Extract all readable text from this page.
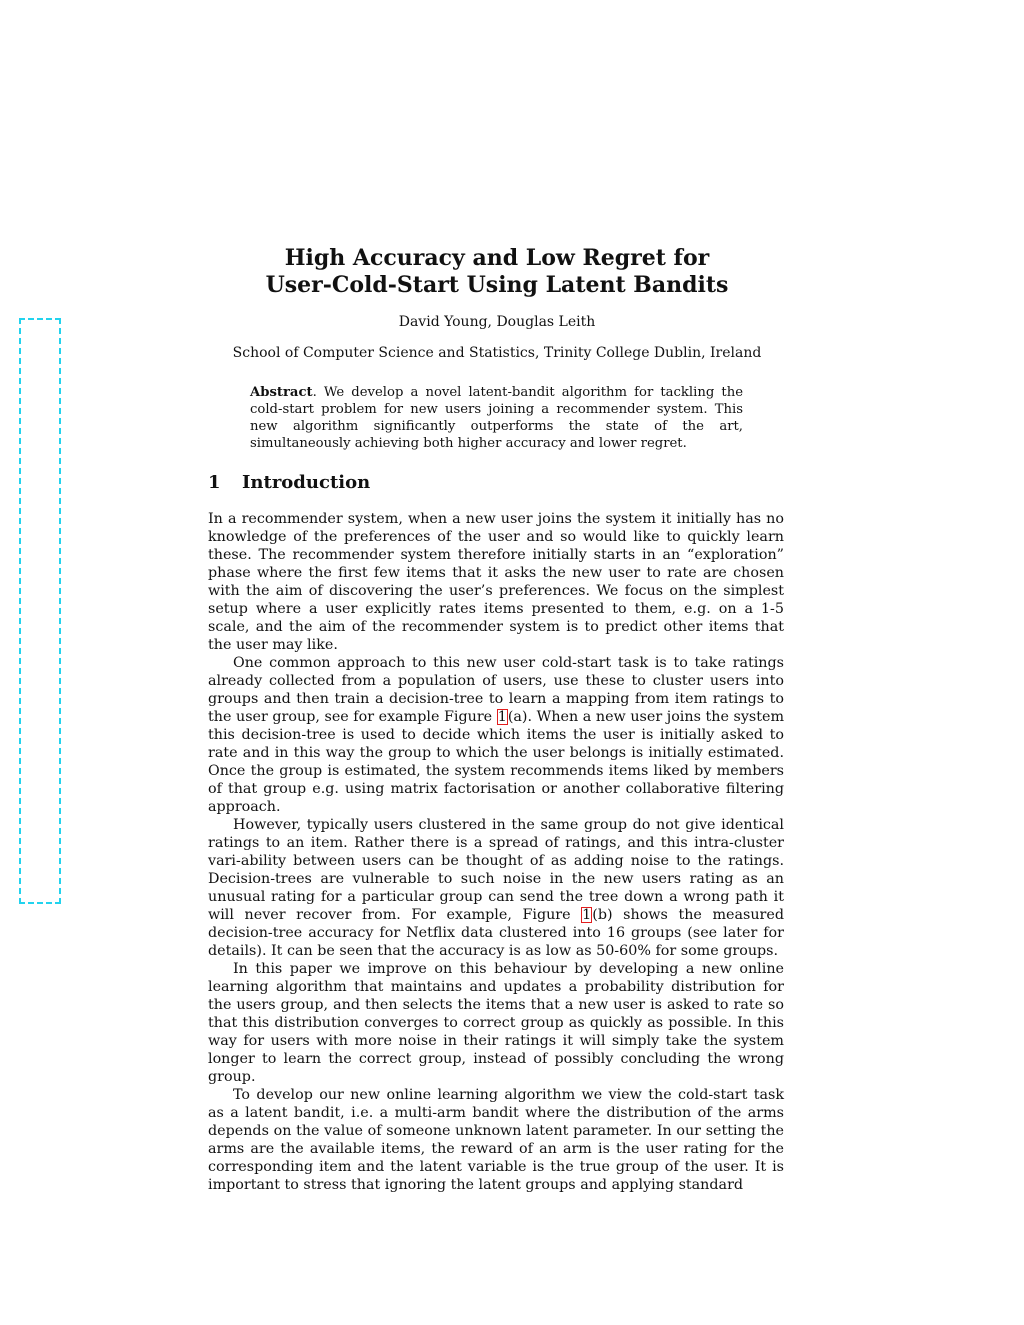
High Accuracy and Low Regret for
User-Cold-Start Using Latent Bandits
David Young, Douglas Leith
School of Computer Science and Statistics, Trinity College Dublin, Ireland
Abstract. We develop a novel latent-bandit algorithm for tackling the cold-start problem for new users joining a recommender system. This new algorithm significantly outperforms the state of the art, simultaneously achieving both higher accuracy and lower regret.
1 Introduction

In a recommender system, when a new user joins the system it initially has no knowledge of the preferences of the user and so would like to quickly learn these. The recommender system therefore initially starts in an “exploration” phase where the first few items that it asks the new user to rate are chosen with the aim of discovering the user’s preferences. We focus on the simplest setup where a user explicitly rates items presented to them, e.g. on a 1-5 scale, and the aim of the recommender system is to predict other items that the user may like.

One common approach to this new user cold-start task is to take ratings already collected from a population of users, use these to cluster users into groups and then train a decision-tree to learn a mapping from item ratings to the user group, see for example Figure 1(a). When a new user joins the system this decision-tree is used to decide which items the user is initially asked to rate and in this way the group to which the user belongs is initially estimated. Once the group is estimated, the system recommends items liked by members of that group e.g. using matrix factorisation or another collaborative filtering approach.

However, typically users clustered in the same group do not give identical ratings to an item. Rather there is a spread of ratings, and this intra-cluster vari-ability between users can be thought of as adding noise to the ratings. Decision-trees are vulnerable to such noise in the new users rating as an unusual rating for a particular group can send the tree down a wrong path it will never recover from. For example, Figure 1(b) shows the measured decision-tree accuracy for Netflix data clustered into 16 groups (see later for details). It can be seen that the accuracy is as low as 50-60% for some groups.

In this paper we improve on this behaviour by developing a new online learning algorithm that maintains and updates a probability distribution for the users group, and then selects the items that a new user is asked to rate so that this distribution converges to correct group as quickly as possible. In this way for users with more noise in their ratings it will simply take the system longer to learn the correct group, instead of possibly concluding the wrong group.

To develop our new online learning algorithm we view the cold-start task as a latent bandit, i.e. a multi-arm bandit where the distribution of the arms depends on the value of someone unknown latent parameter. In our setting the arms are the available items, the reward of an arm is the user rating for the corresponding item and the latent variable is the true group of the user. It is important to stress that ignoring the latent groups and applying standard
